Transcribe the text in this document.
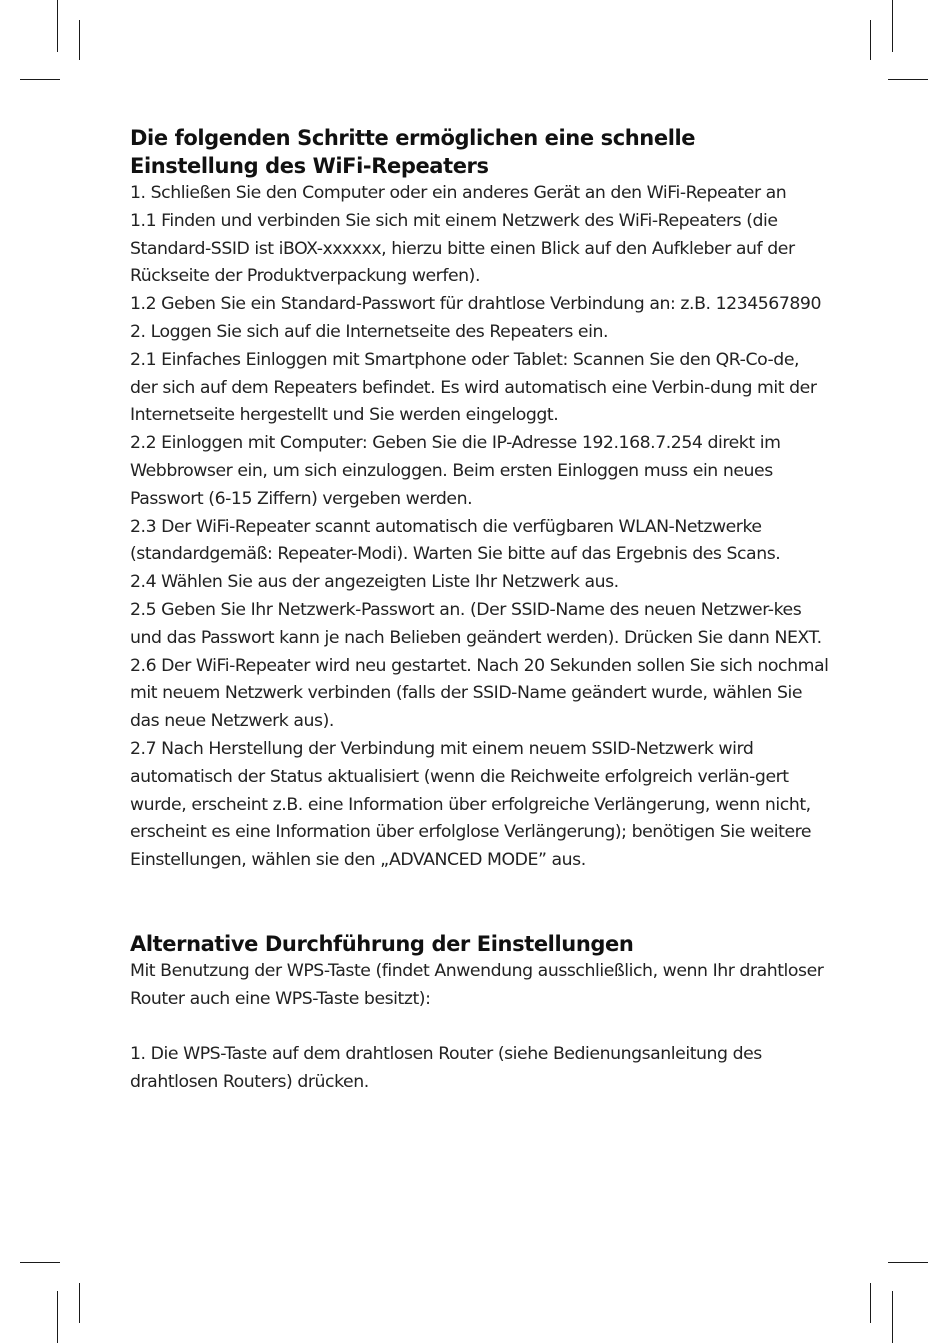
Die folgenden Schritte ermöglichen eine schnelle Einstellung des WiFi-Repeaters

1. Schließen Sie den Computer oder ein anderes Gerät an den WiFi-Repeater an

1.1 Finden und verbinden Sie sich mit einem Netzwerk des WiFi-Repeaters (die Standard-SSID ist iBOX-xxxxxx, hierzu bitte einen Blick auf den Aufkleber auf der Rückseite der Produktverpackung werfen).

1.2 Geben Sie ein Standard-Passwort für drahtlose Verbindung an: z.B. 1234567890

2. Loggen Sie sich auf die Internetseite des Repeaters ein.

2.1 Einfaches Einloggen mit Smartphone oder Tablet: Scannen Sie den QR-Co-de, der sich auf dem Repeaters befindet. Es wird automatisch eine Verbin-dung mit der Internetseite hergestellt und Sie werden eingeloggt.

2.2 Einloggen mit Computer: Geben Sie die IP-Adresse 192.168.7.254 direkt im Webbrowser ein, um sich einzuloggen. Beim ersten Einloggen muss ein neues Passwort (6-15 Ziffern) vergeben werden.

2.3 Der WiFi-Repeater scannt automatisch die verfügbaren WLAN-Netzwerke (standardgemäß: Repeater-Modi). Warten Sie bitte auf das Ergebnis des Scans.

2.4 Wählen Sie aus der angezeigten Liste Ihr Netzwerk aus.

2.5 Geben Sie Ihr Netzwerk-Passwort an. (Der SSID-Name des neuen Netzwer-kes und das Passwort kann je nach Belieben geändert werden). Drücken Sie dann NEXT.

2.6 Der WiFi-Repeater wird neu gestartet. Nach 20 Sekunden sollen Sie sich nochmal mit neuem Netzwerk verbinden (falls der SSID-Name geändert wurde, wählen Sie das neue Netzwerk aus).

2.7 Nach Herstellung der Verbindung mit einem neuem SSID-Netzwerk wird automatisch der Status aktualisiert (wenn die Reichweite erfolgreich verlän-gert wurde, erscheint z.B. eine Information über erfolgreiche Verlängerung, wenn nicht, erscheint es eine Information über erfolglose Verlängerung); benötigen Sie weitere Einstellungen, wählen sie den „ADVANCED MODE” aus.

Alternative Durchführung der Einstellungen

Mit Benutzung der WPS-Taste (findet Anwendung ausschließlich, wenn Ihr drahtloser Router auch eine WPS-Taste besitzt):

1. Die WPS-Taste auf dem drahtlosen Router (siehe Bedienungsanleitung des drahtlosen Routers) drücken.
